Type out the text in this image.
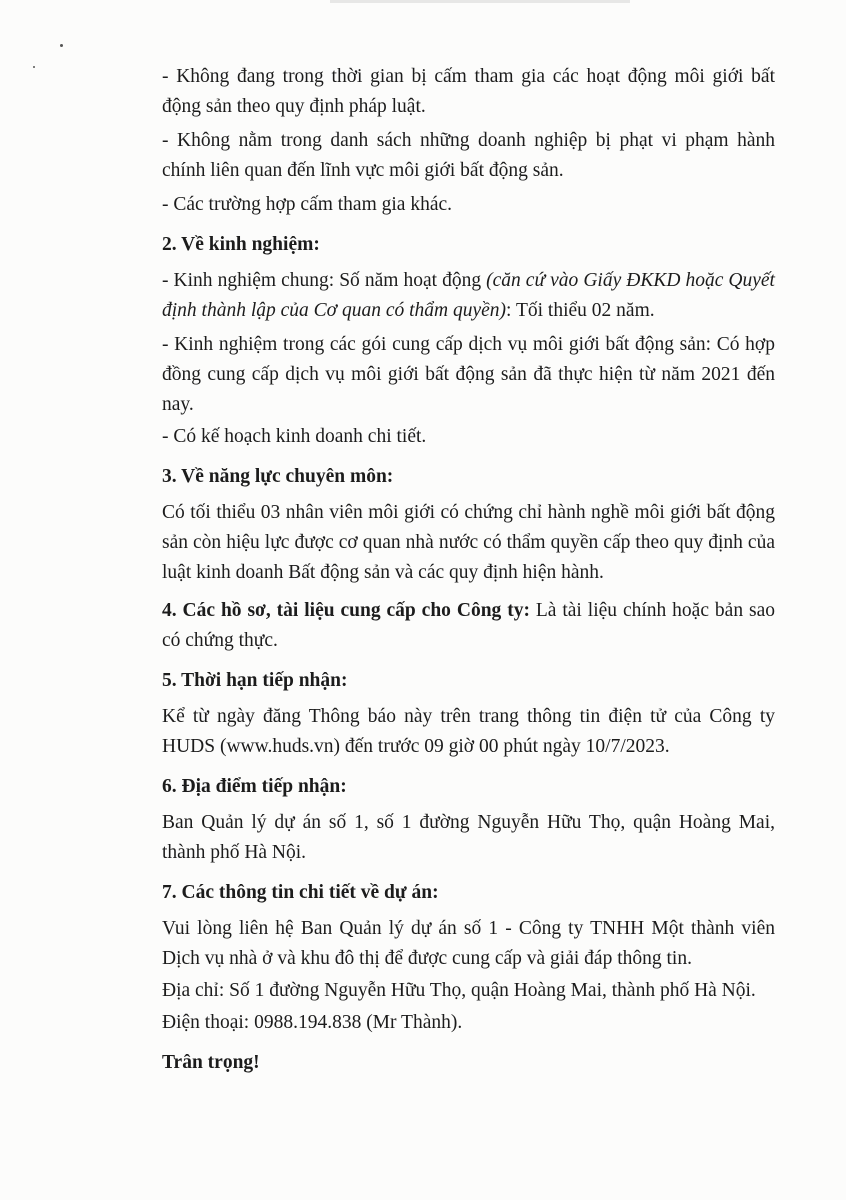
- Không đang trong thời gian bị cấm tham gia các hoạt động môi giới bất động sản theo quy định pháp luật.

- Không nằm trong danh sách những doanh nghiệp bị phạt vi phạm hành chính liên quan đến lĩnh vực môi giới bất động sản.

- Các trường hợp cấm tham gia khác.

2. Về kinh nghiệm:

- Kinh nghiệm chung: Số năm hoạt động (căn cứ vào Giấy ĐKKD hoặc Quyết định thành lập của Cơ quan có thẩm quyền): Tối thiểu 02 năm.

- Kinh nghiệm trong các gói cung cấp dịch vụ môi giới bất động sản: Có hợp đồng cung cấp dịch vụ môi giới bất động sản đã thực hiện từ năm 2021 đến nay.

- Có kế hoạch kinh doanh chi tiết.

3. Về năng lực chuyên môn:

Có tối thiểu 03 nhân viên môi giới có chứng chỉ hành nghề môi giới bất động sản còn hiệu lực được cơ quan nhà nước có thẩm quyền cấp theo quy định của luật kinh doanh Bất động sản và các quy định hiện hành.

4. Các hồ sơ, tài liệu cung cấp cho Công ty: Là tài liệu chính hoặc bản sao có chứng thực.

5. Thời hạn tiếp nhận:

Kể từ ngày đăng Thông báo này trên trang thông tin điện tử của Công ty HUDS (www.huds.vn) đến trước 09 giờ 00 phút ngày 10/7/2023.

6. Địa điểm tiếp nhận:

Ban Quản lý dự án số 1, số 1 đường Nguyễn Hữu Thọ, quận Hoàng Mai, thành phố Hà Nội.

7. Các thông tin chi tiết về dự án:

Vui lòng liên hệ Ban Quản lý dự án số 1 - Công ty TNHH Một thành viên Dịch vụ nhà ở và khu đô thị để được cung cấp và giải đáp thông tin.

Địa chỉ: Số 1 đường Nguyễn Hữu Thọ, quận Hoàng Mai, thành phố Hà Nội.

Điện thoại: 0988.194.838 (Mr Thành).

Trân trọng!
